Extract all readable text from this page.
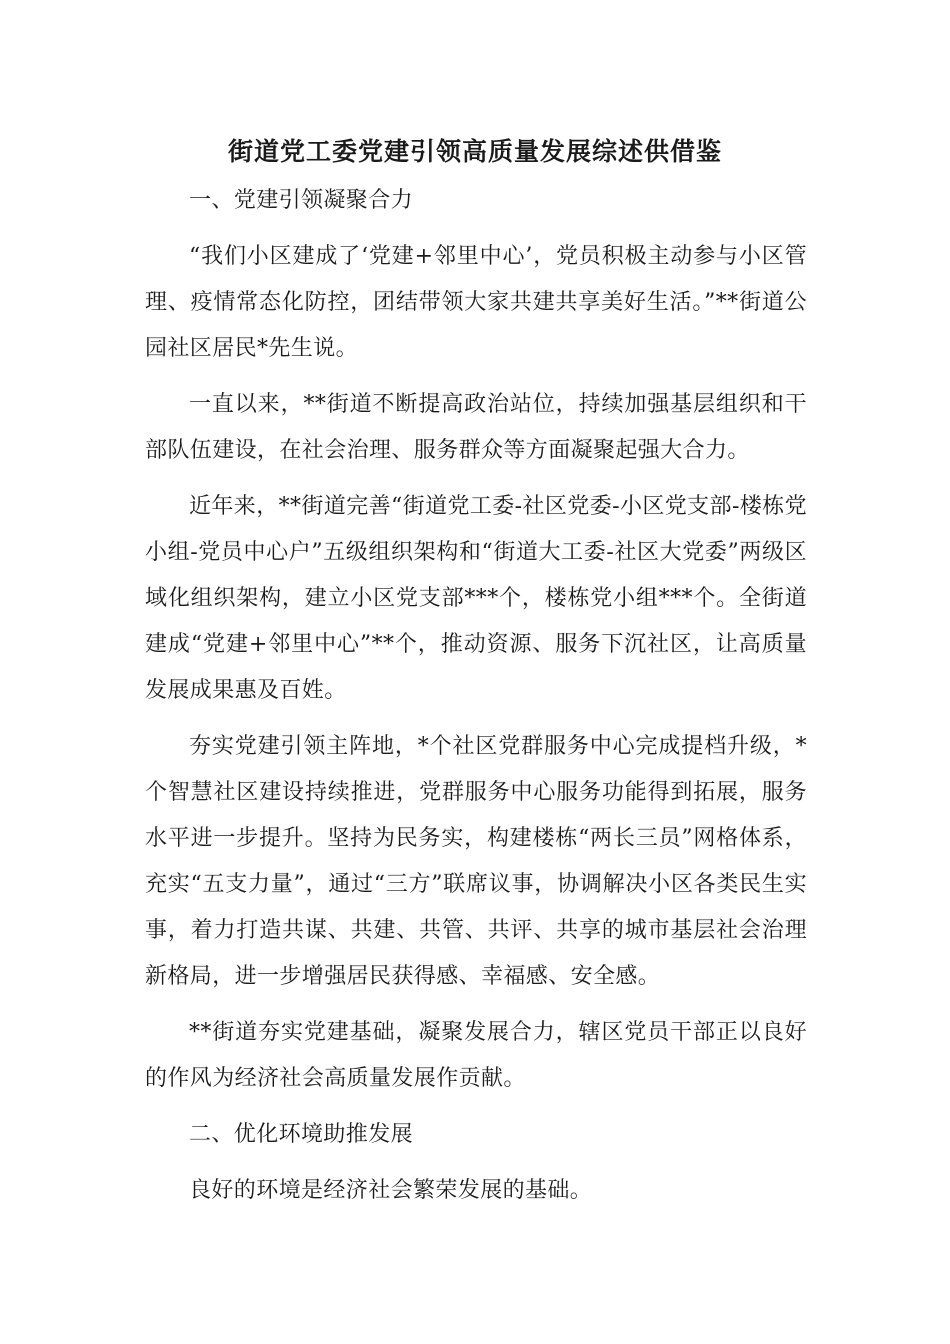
街道党工委党建引领高质量发展综述供借鉴

一、党建引领凝聚合力

“我们小区建成了‘党建+邻里中心’，党员积极主动参与小区管理、疫情常态化防控，团结带领大家共建共享美好生活。”**街道公园社区居民*先生说。

一直以来，**街道不断提高政治站位，持续加强基层组织和干部队伍建设，在社会治理、服务群众等方面凝聚起强大合力。

近年来，**街道完善“街道党工委-社区党委-小区党支部-楼栋党小组-党员中心户”五级组织架构和“街道大工委-社区大党委”两级区域化组织架构，建立小区党支部***个，楼栋党小组***个。全街道建成“党建+邻里中心”**个，推动资源、服务下沉社区，让高质量发展成果惠及百姓。

夯实党建引领主阵地，*个社区党群服务中心完成提档升级，*个智慧社区建设持续推进，党群服务中心服务功能得到拓展，服务水平进一步提升。坚持为民务实，构建楼栋“两长三员”网格体系，充实“五支力量”，通过“三方”联席议事，协调解决小区各类民生实事，着力打造共谋、共建、共管、共评、共享的城市基层社会治理新格局，进一步增强居民获得感、幸福感、安全感。

**街道夯实党建基础，凝聚发展合力，辖区党员干部正以良好的作风为经济社会高质量发展作贡献。

二、优化环境助推发展

良好的环境是经济社会繁荣发展的基础。
